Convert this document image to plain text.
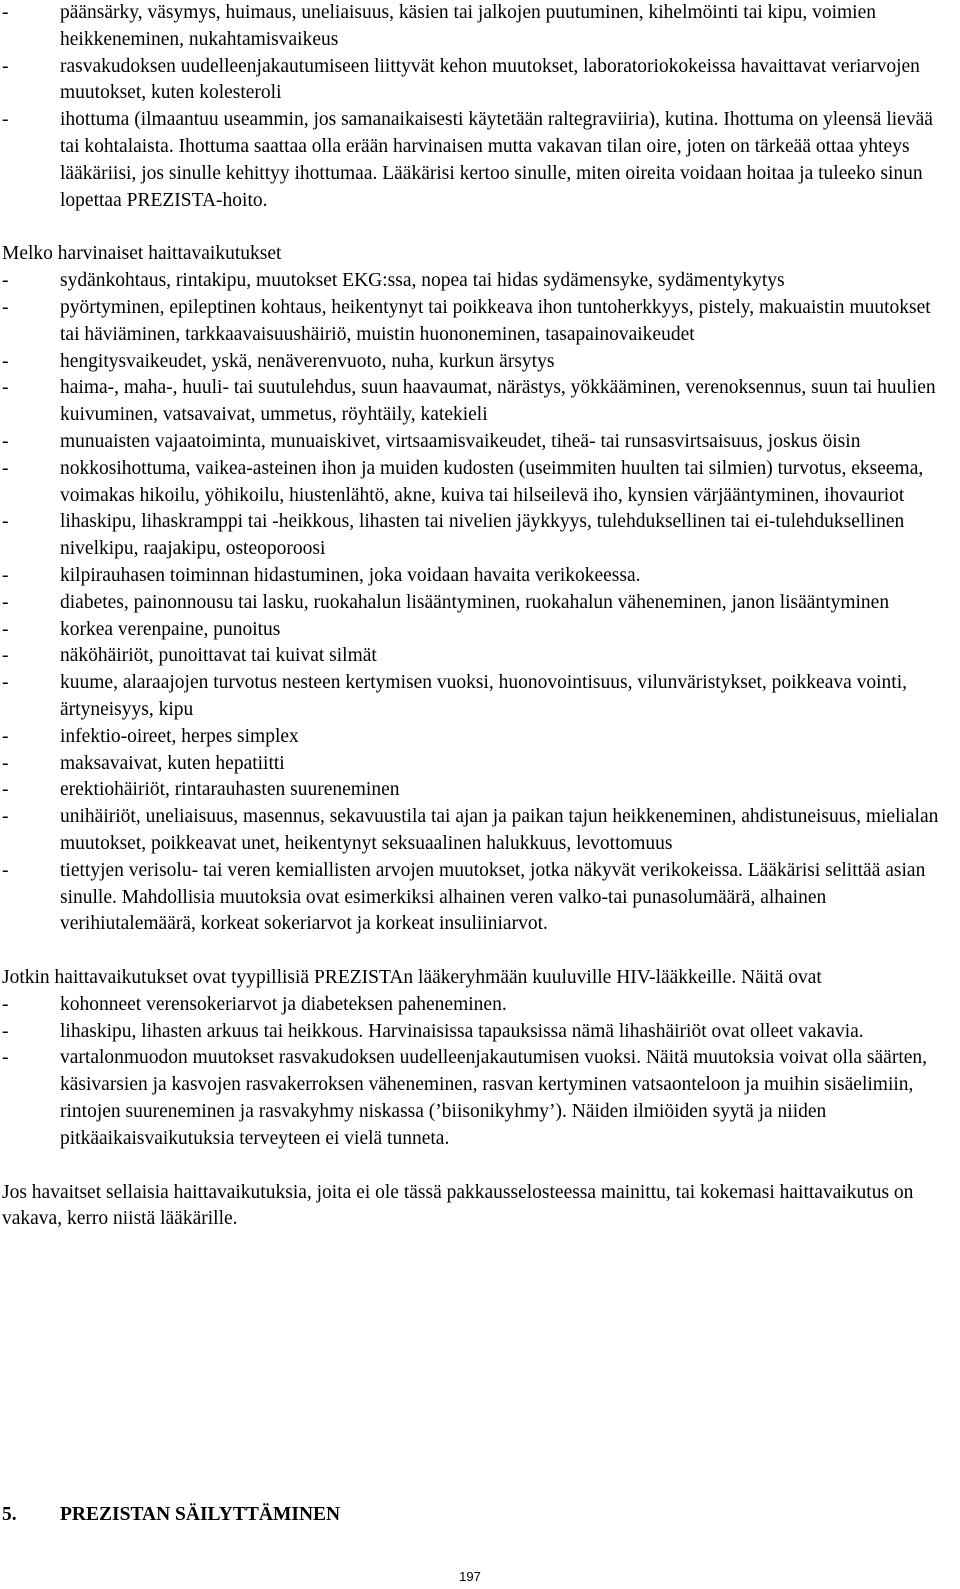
- päänsärky, väsymys, huimaus, uneliaisuus, käsien tai jalkojen puutuminen, kihelmöinti tai kipu, voimien heikkeneminen, nukahtamisvaikeus
- rasvakudoksen uudelleenjakautumiseen liittyvät kehon muutokset, laboratoriokokeissa havaittavat veriarvojen muutokset, kuten kolesteroli
- ihottuma (ilmaantuu useammin, jos samanaikaisesti käytetään raltegraviiria), kutina. Ihottuma on yleensä lievää tai kohtalaista. Ihottuma saattaa olla erään harvinaisen mutta vakavan tilan oire, joten on tärkeää ottaa yhteys lääkäriisi, jos sinulle kehittyy ihottumaa. Lääkärisi kertoo sinulle, miten oireita voidaan hoitaa ja tuleeko sinun lopettaa PREZISTA-hoito.

Melko harvinaiset haittavaikutukset

- sydänkohtaus, rintakipu, muutokset EKG:ssa, nopea tai hidas sydämensyke, sydämentykytys
- pyörtyminen, epileptinen kohtaus, heikentynyt tai poikkeava ihon tuntoherkkyys, pistely, makuaistin muutokset tai häviäminen, tarkkaavaisuushäiriö, muistin huononeminen, tasapainovaikeudet
- hengitysvaikeudet, yskä, nenäverenvuoto, nuha, kurkun ärsytys
- haima-, maha-, huuli- tai suutulehdus, suun haavaumat, närästys, yökkääminen, verenoksennus, suun tai huulien kuivuminen, vatsavaivat, ummetus, röyhtäily, katekieli
- munuaisten vajaatoiminta, munuaiskivet, virtsaamisvaikeudet, tiheä- tai runsasvirtsaisuus, joskus öisin
- nokkosihottuma, vaikea-asteinen ihon ja muiden kudosten (useimmiten huulten tai silmien) turvotus, ekseema, voimakas hikoilu, yöhikoilu, hiustenlähtö, akne, kuiva tai hilseilevä iho, kynsien värjääntyminen, ihovauriot
- lihaskipu, lihaskramppi tai -heikkous, lihasten tai nivelien jäykkyys, tulehduksellinen tai ei-tulehduksellinen nivelkipu, raajakipu, osteoporoosi
- kilpirauhasen toiminnan hidastuminen, joka voidaan havaita verikokeessa.
- diabetes, painonnousu tai lasku, ruokahalun lisääntyminen, ruokahalun väheneminen, janon lisääntyminen
- korkea verenpaine, punoitus
- näköhäiriöt, punoittavat tai kuivat silmät
- kuume, alaraajojen turvotus nesteen kertymisen vuoksi, huonovointisuus, vilunväristykset, poikkeava vointi, ärtyneisyys, kipu
- infektio-oireet, herpes simplex
- maksavaivat, kuten hepatiitti
- erektiohäiriöt, rintarauhasten suureneminen
- unihäiriöt, uneliaisuus, masennus, sekavuustila tai ajan ja paikan tajun heikkeneminen, ahdistuneisuus, mielialan muutokset, poikkeavat unet, heikentynyt seksuaalinen halukkuus, levottomuus
- tiettyjen verisolu- tai veren kemiallisten arvojen muutokset, jotka näkyvät verikokeissa. Lääkärisi selittää asian sinulle. Mahdollisia muutoksia ovat esimerkiksi alhainen veren valko-tai punasolumäärä, alhainen verihiutalemäärä, korkeat sokeriarvot ja korkeat insuliiniarvot.

Jotkin haittavaikutukset ovat tyypillisiä PREZISTAn lääkeryhmään kuuluville HIV-lääkkeille. Näitä ovat

- kohonneet verensokeriarvot ja diabeteksen paheneminen.
- lihaskipu, lihasten arkuus tai heikkous. Harvinaisissa tapauksissa nämä lihashäiriöt ovat olleet vakavia.
- vartalonmuodon muutokset rasvakudoksen uudelleenjakautumisen vuoksi. Näitä muutoksia voivat olla säärten, käsivarsien ja kasvojen rasvakerroksen väheneminen, rasvan kertyminen vatsaonteloon ja muihin sisäelimiin, rintojen suureneminen ja rasvakyhmy niskassa (’biisonikyhmy’). Näiden ilmiöiden syytä ja niiden pitkäaikaisvaikutuksia terveyteen ei vielä tunneta.

Jos havaitset sellaisia haittavaikutuksia, joita ei ole tässä pakkausselosteessa mainittu, tai kokemasi haittavaikutus on vakava, kerro niistä lääkärille.

5. PREZISTAN SÄILYTTÄMINEN
197
